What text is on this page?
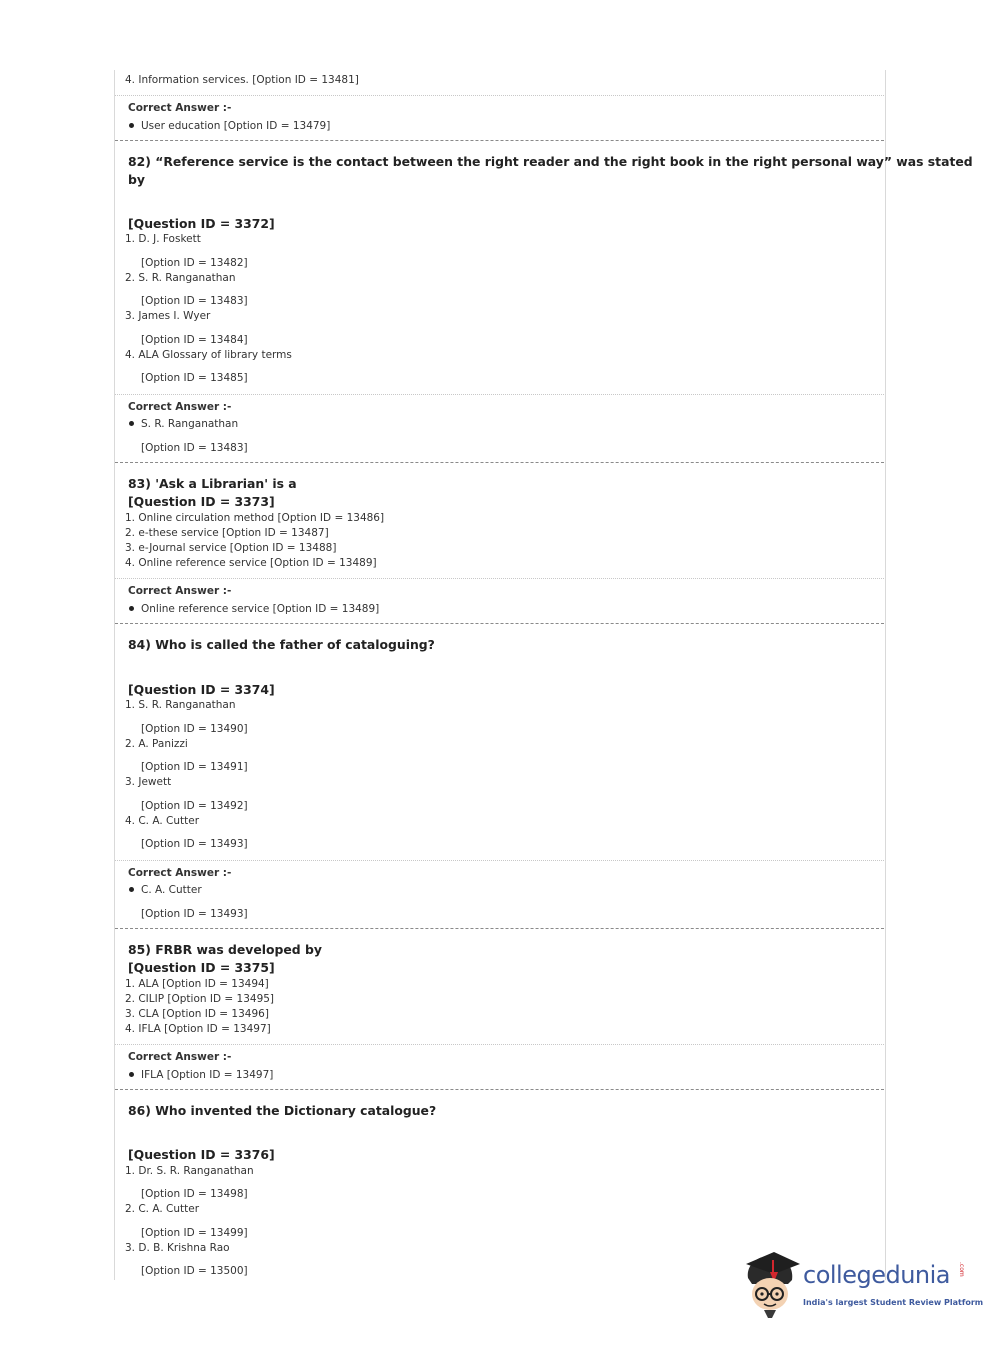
4. Information services. [Option ID = 13481]
Correct Answer :-
User education [Option ID = 13479]
82) “Reference service is the contact between the right reader and the right book in the right personal way” was stated
by
[Question ID = 3372]
1. D. J. Foskett
[Option ID = 13482]
2. S. R. Ranganathan
[Option ID = 13483]
3. James I. Wyer
[Option ID = 13484]
4. ALA Glossary of library terms
[Option ID = 13485]
Correct Answer :-
S. R. Ranganathan
[Option ID = 13483]
83) 'Ask a Librarian' is a
[Question ID = 3373]
1. Online circulation method [Option ID = 13486]
2. e-these service [Option ID = 13487]
3. e-Journal service [Option ID = 13488]
4. Online reference service [Option ID = 13489]
Correct Answer :-
Online reference service [Option ID = 13489]
84) Who is called the father of cataloguing?
[Question ID = 3374]
1. S. R. Ranganathan
[Option ID = 13490]
2. A. Panizzi
[Option ID = 13491]
3. Jewett
[Option ID = 13492]
4. C. A. Cutter
[Option ID = 13493]
Correct Answer :-
C. A. Cutter
[Option ID = 13493]
85) FRBR was developed by
[Question ID = 3375]
1. ALA [Option ID = 13494]
2. CILIP [Option ID = 13495]
3. CLA [Option ID = 13496]
4. IFLA [Option ID = 13497]
Correct Answer :-
IFLA [Option ID = 13497]
86) Who invented the Dictionary catalogue?
[Question ID = 3376]
1. Dr. S. R. Ranganathan
[Option ID = 13498]
2. C. A. Cutter
[Option ID = 13499]
3. D. B. Krishna Rao
[Option ID = 13500]	collegedunia .com
India's largest Student Review Platform
